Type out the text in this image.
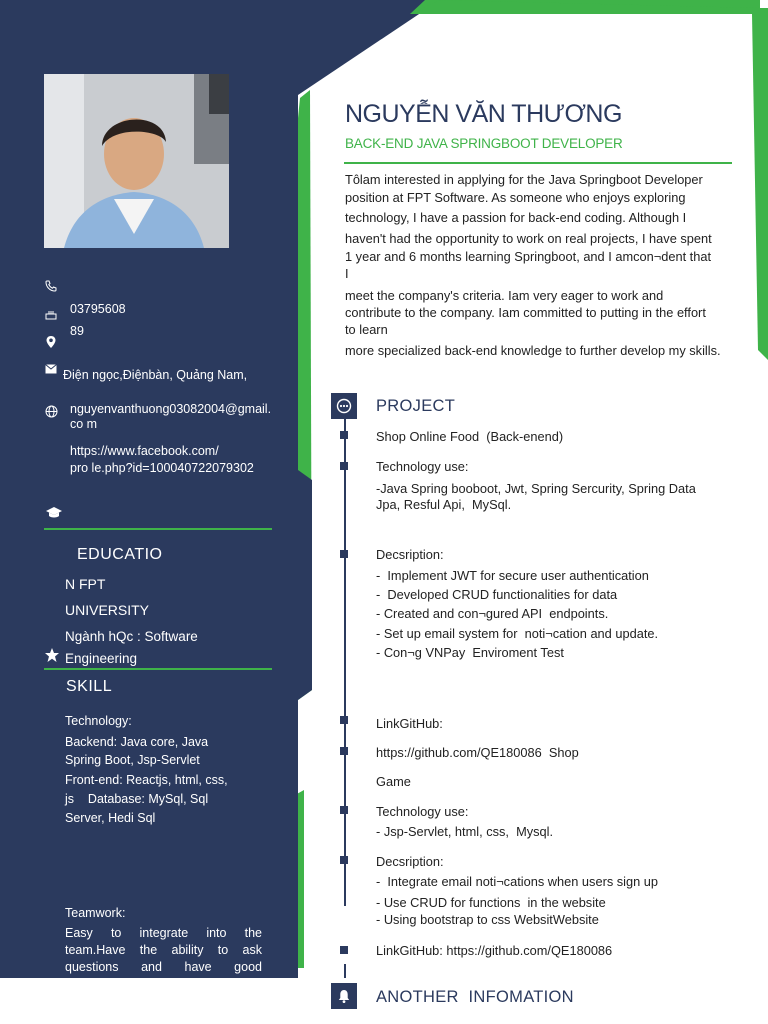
03795608
89
Điện ngọc,Điệnbàn, Quảng Nam,
nguyenvanthuong03082004@gmail.
co m
https://www.facebook.com/
pro le.php?id=100040722079302
EDUCATIO
N FPT
UNIVERSITY
Ngành hQc : Software
Engineering
SKILL
Technology:
Backend: Java core, Java
Spring Boot, Jsp-Servlet
Front-end: Reactjs, html, css,
js    Database: MySql, Sql
Server, Hedi Sql
Teamwork:
Easy to integrate into the
team.Have the ability to ask
questions and have good
NGUYỄN VĂN THƯƠNG
BACK-END JAVA SPRINGBOOT DEVELOPER
Tôlam interested in applying for the Java Springboot Developer
position at FPT Software. As someone who enjoys exploring
technology, I have a passion for back-end coding. Although I
haven't had the opportunity to work on real projects, I have spent
1 year and 6 months learning Springboot, and I amcon¬dent that
I
meet the company's criteria. Iam very eager to work and
contribute to the company. Iam committed to putting in the effort
to learn
more specialized back-end knowledge to further develop my skills.
PROJECT
Shop Online Food  (Back-enend)
Technology use:
-Java Spring booboot, Jwt, Spring Sercurity, Spring Data
Jpa, Resful Api,  MySql.
Decsription:
-  Implement JWT for secure user authentication
-  Developed CRUD functionalities for data
- Created and con¬gured API  endpoints.
- Set up email system for  noti¬cation and update.
- Con¬g VNPay  Enviroment Test
LinkGitHub:
https://github.com/QE180086  Shop
Game
Technology use:
- Jsp-Servlet, html, css,  Mysql.
Decsription:
-  Integrate email noti¬cations when users sign up
- Use CRUD for functions  in the website
- Using bootstrap to css WebsitWebsite
LinkGitHub: https://github.com/QE180086
ANOTHER  INFOMATION
